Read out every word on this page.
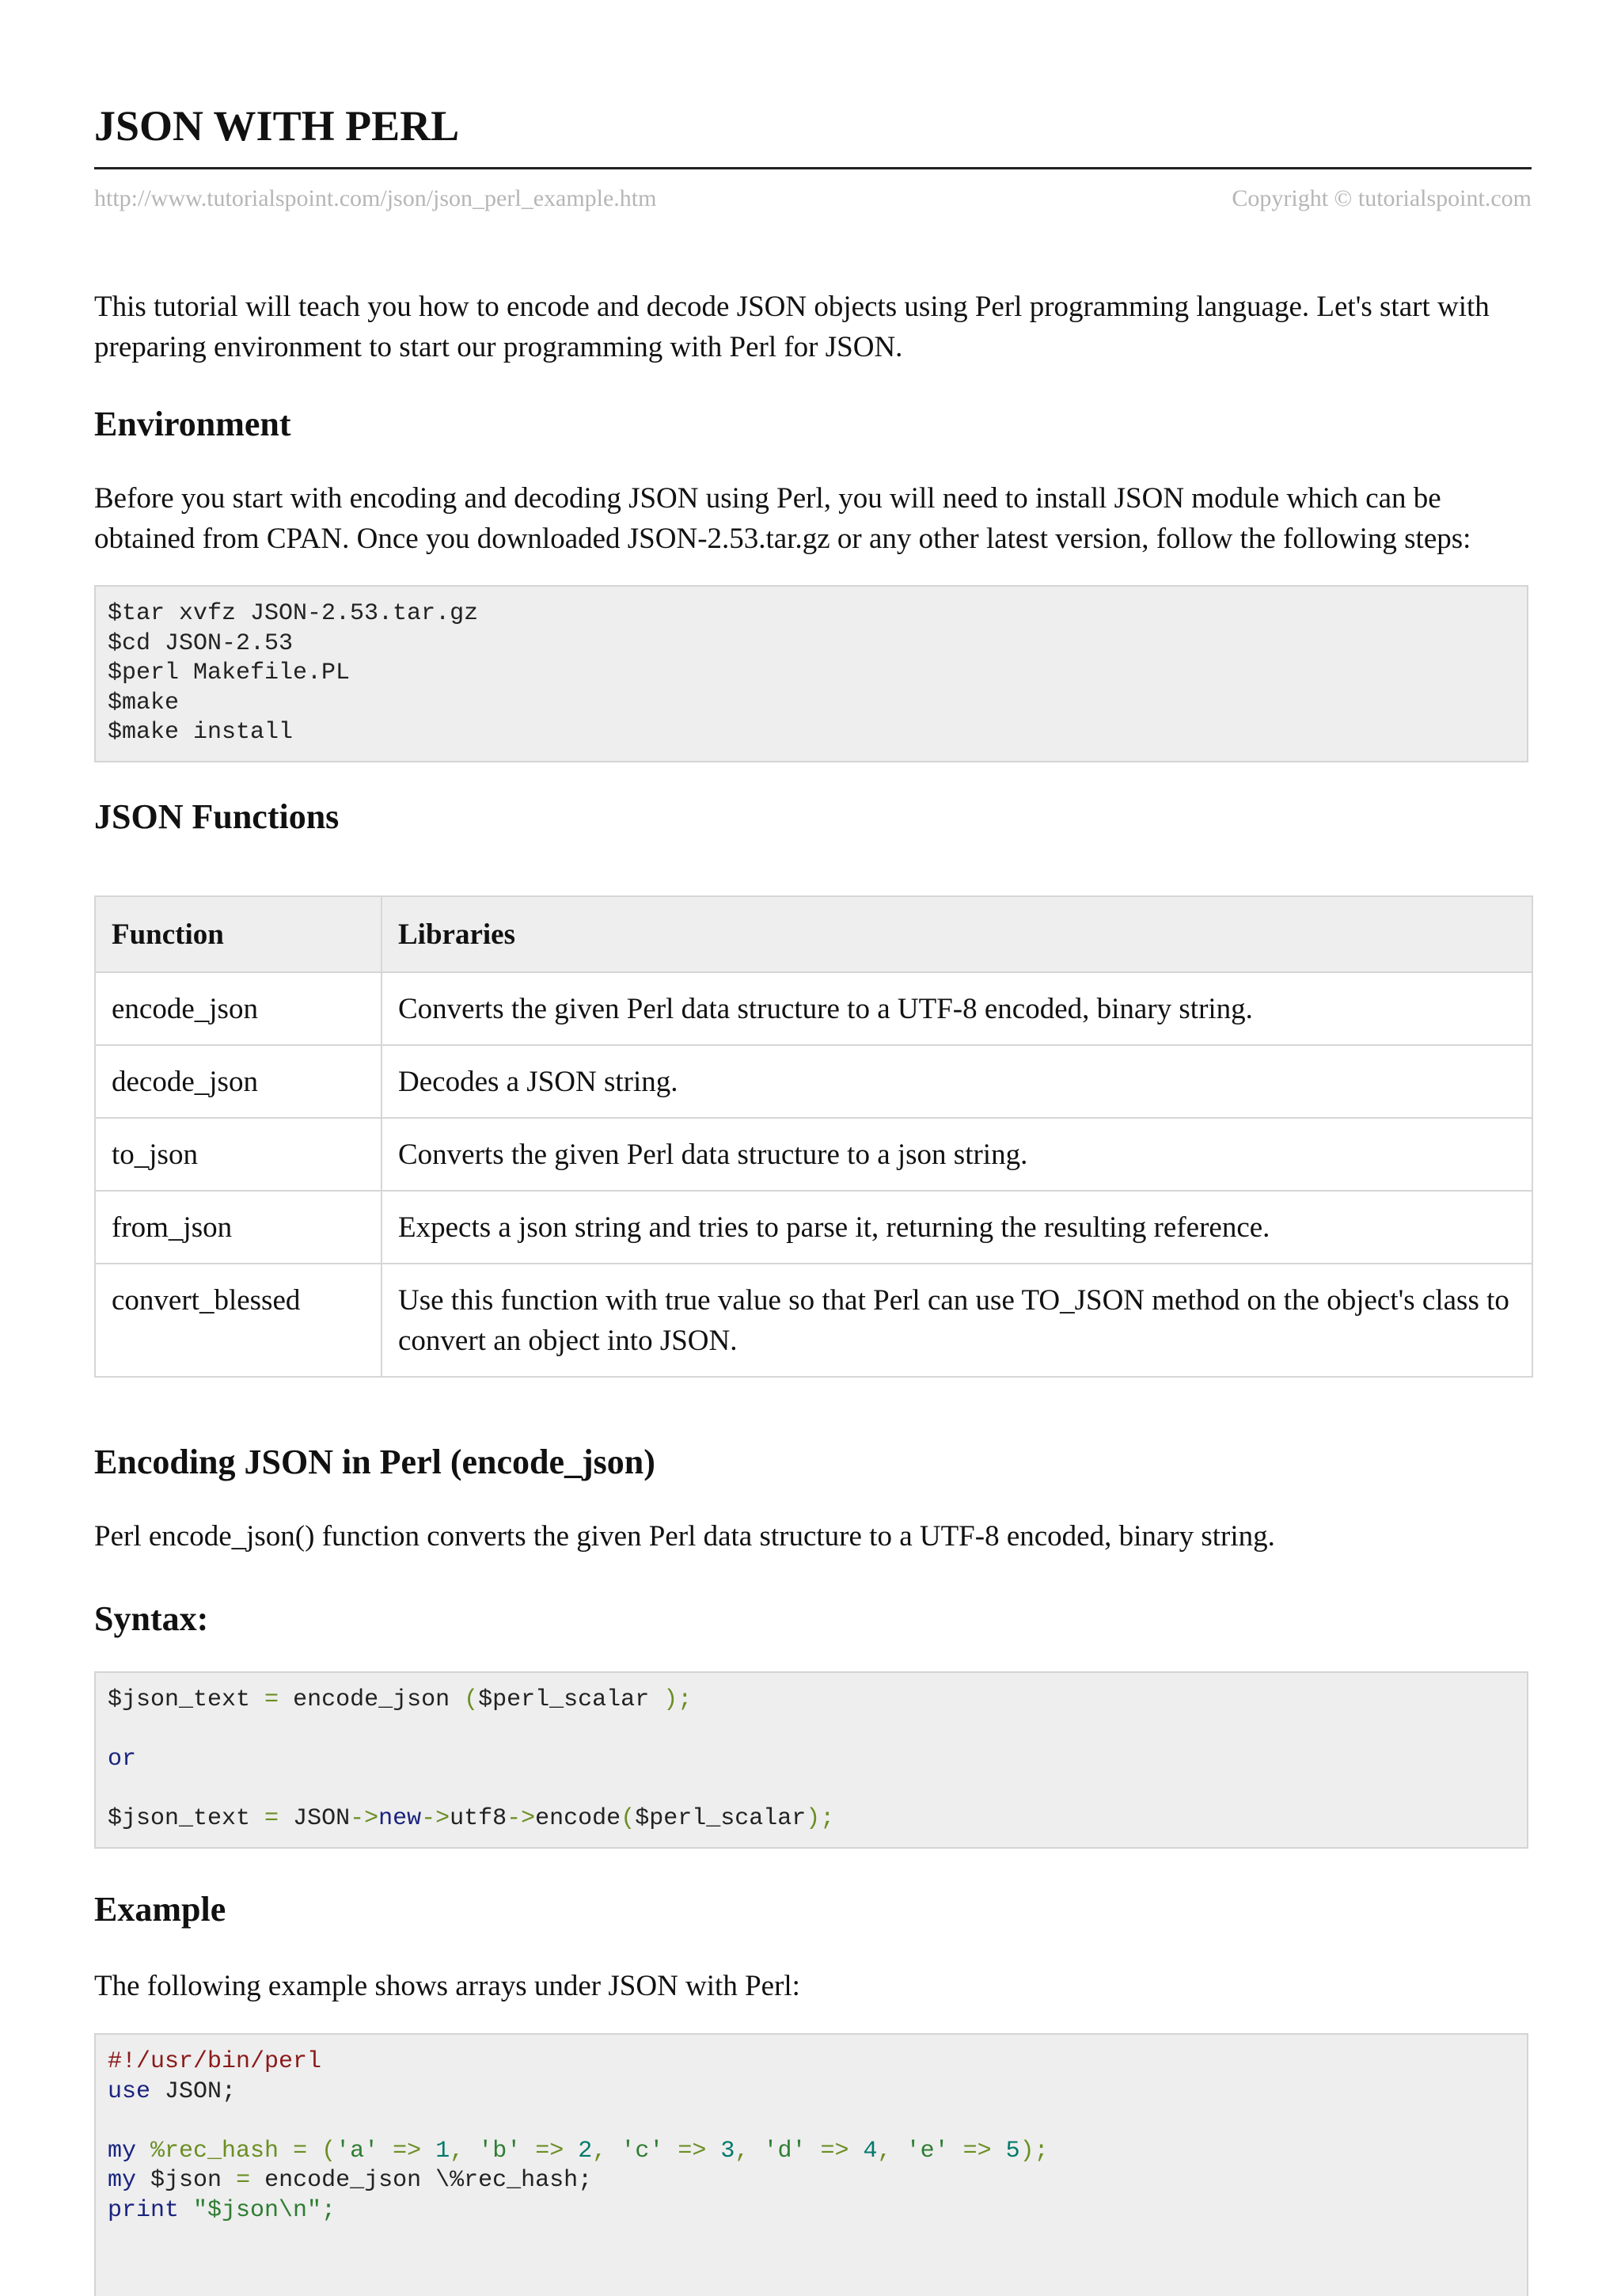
JSON WITH PERL
http://www.tutorialspoint.com/json/json_perl_example.htm	Copyright © tutorialspoint.com

This tutorial will teach you how to encode and decode JSON objects using Perl programming language. Let's start with preparing environment to start our programming with Perl for JSON.

Environment

Before you start with encoding and decoding JSON using Perl, you will need to install JSON module which can be obtained from CPAN. Once you downloaded JSON-2.53.tar.gz or any other latest version, follow the following steps:

$tar xvfz JSON-2.53.tar.gz
$cd JSON-2.53
$perl Makefile.PL
$make
$make install
JSON Functions
Function	Libraries
encode_json	Converts the given Perl data structure to a UTF-8 encoded, binary string.
decode_json	Decodes a JSON string.
to_json	Converts the given Perl data structure to a json string.
from_json	Expects a json string and tries to parse it, returning the resulting reference.
convert_blessed	Use this function with true value so that Perl can use TO_JSON method on the object's class to convert an object into JSON.
Encoding JSON in Perl (encode_json)

Perl encode_json() function converts the given Perl data structure to a UTF-8 encoded, binary string.

Syntax:
$json_text = encode_json ($perl_scalar );
or
$json_text = JSON->new->utf8->encode($perl_scalar);
Example

The following example shows arrays under JSON with Perl:

#!/usr/bin/perl
use JSON;
my %rec_hash = ('a' => 1, 'b' => 2, 'c' => 3, 'd' => 4, 'e' => 5);
my $json = encode_json \%rec_hash;
print "$json\n";
